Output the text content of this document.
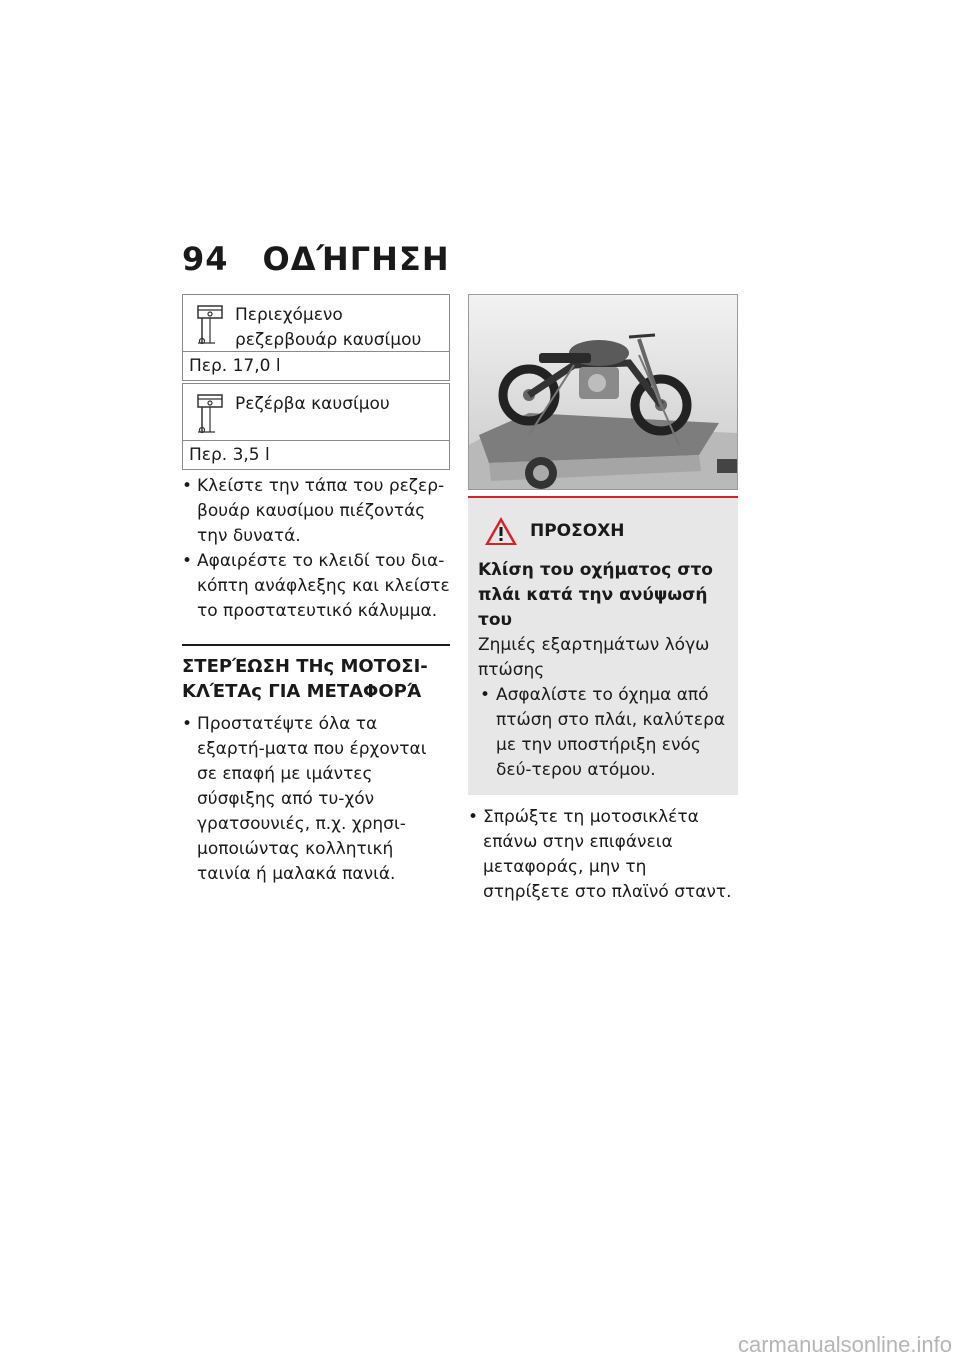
94 ΟΔΉΓΗΣΗ
Περιεχόμενο ρεζερβουάρ καυσίμου

Περ. 17,0 l
Ρεζέρβα καυσίμου

Περ. 3,5 l
• Κλείστε την τάπα του ρεζερ-βουάρ καυσίμου πιέζοντάς την δυνατά.
• Αφαιρέστε το κλειδί του δια-κόπτη ανάφλεξης και κλείστε το προστατευτικό κάλυμμα.
ΣΤΕΡΈΩΣΗ ΤΗς ΜΟΤΟΣΙ-ΚΛΈΤΑς ΓΙΑ ΜΕΤΑΦΟΡΆ
• Προστατέψτε όλα τα εξαρτή-ματα που έρχονται σε επαφή με ιμάντες σύσφιξης από τυ-χόν γρατσουνιές, π.χ. χρησι-μοποιώντας κολλητική ταινία ή μαλακά πανιά.
ΠΡΟΣΟΧΗ
Κλίση του οχήματος στο πλάι κατά την ανύψωσή του
Ζημιές εξαρτημάτων λόγω πτώσης
• Ασφαλίστε το όχημα από πτώση στο πλάι, καλύτερα με την υποστήριξη ενός δεύ-τερου ατόμου.
• Σπρώξτε τη μοτοσικλέτα επάνω στην επιφάνεια μεταφοράς, μην τη στηρίξετε στο πλαϊνό σταντ.
carmanualsonline.info
